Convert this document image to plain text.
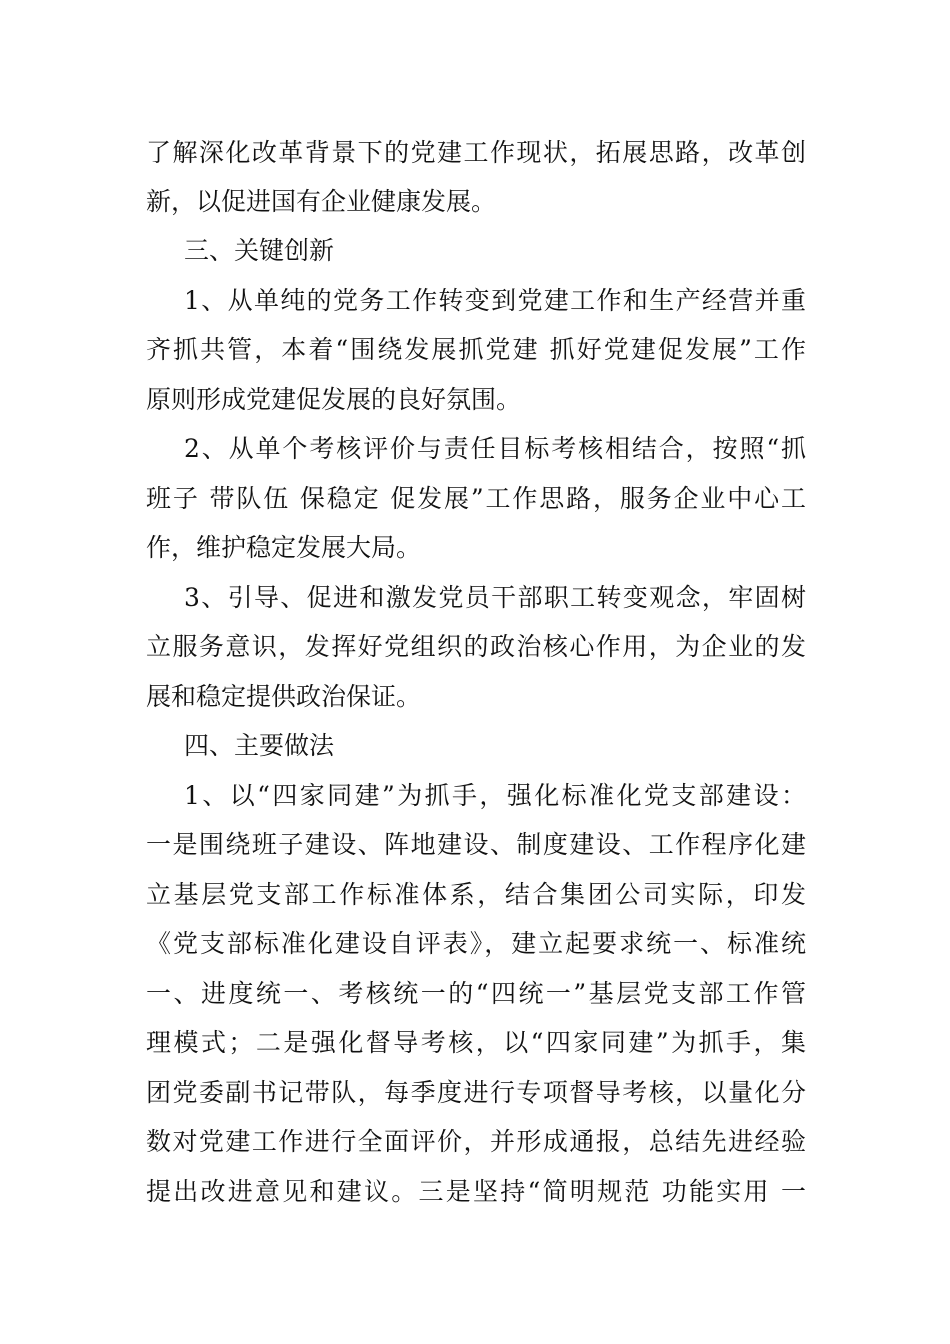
了解深化改革背景下的党建工作现状，拓展思路，改革创
新，以促进国有企业健康发展。
三、关键创新
1、从单纯的党务工作转变到党建工作和生产经营并重
齐抓共管，本着“围绕发展抓党建 抓好党建促发展”工作
原则形成党建促发展的良好氛围。
2、从单个考核评价与责任目标考核相结合，按照“抓
班子 带队伍 保稳定 促发展”工作思路，服务企业中心工
作，维护稳定发展大局。
3、引导、促进和激发党员干部职工转变观念，牢固树
立服务意识，发挥好党组织的政治核心作用，为企业的发
展和稳定提供政治保证。
四、主要做法
1、以“四家同建”为抓手，强化标准化党支部建设：
一是围绕班子建设、阵地建设、制度建设、工作程序化建
立基层党支部工作标准体系，结合集团公司实际，印发
《党支部标准化建设自评表》，建立起要求统一、标准统
一、进度统一、考核统一的“四统一”基层党支部工作管
理模式；二是强化督导考核，以“四家同建”为抓手，集
团党委副书记带队，每季度进行专项督导考核，以量化分
数对党建工作进行全面评价，并形成通报，总结先进经验
提出改进意见和建议。三是坚持“简明规范 功能实用 一
